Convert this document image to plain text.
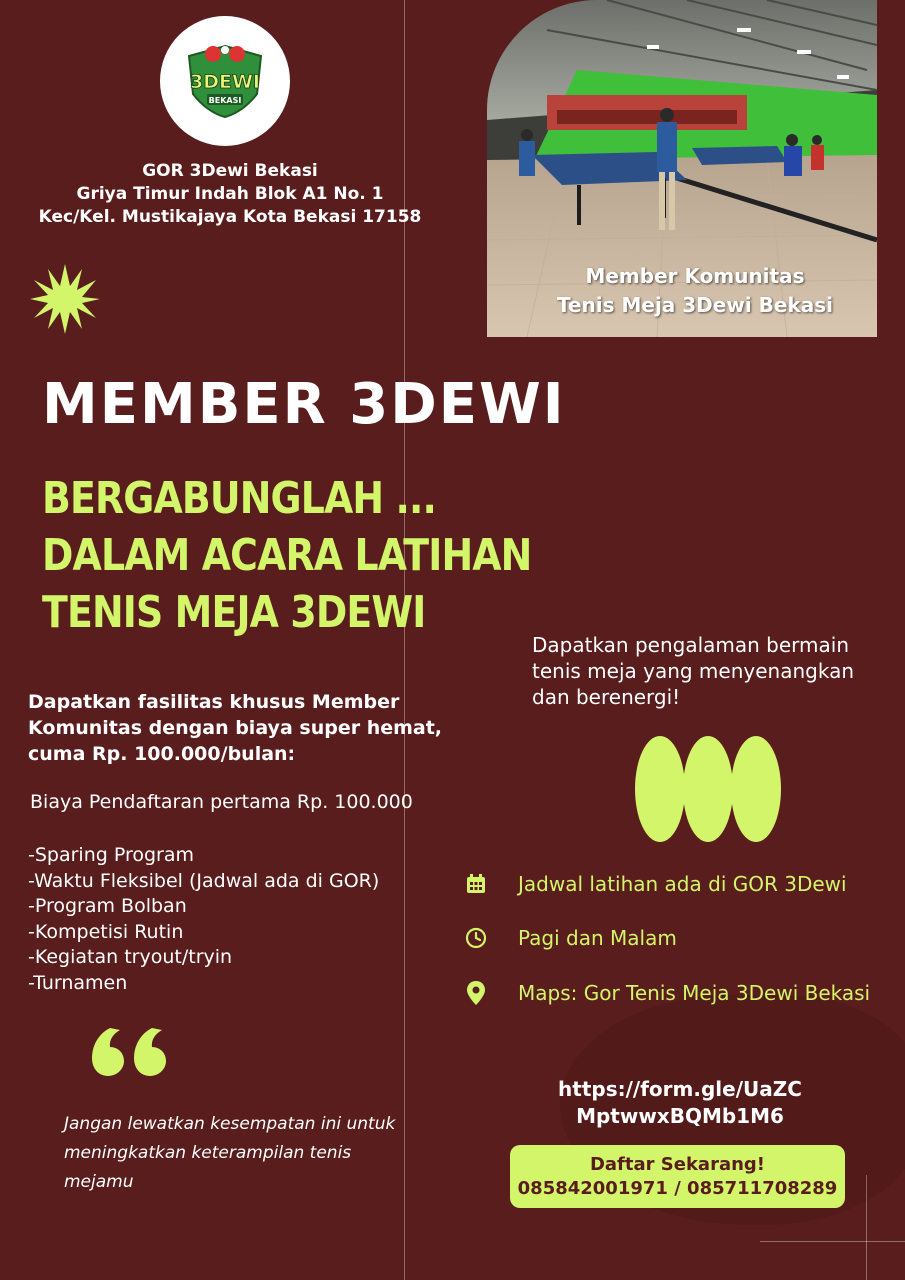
3DEWI
BEKASI
GOR 3Dewi Bekasi
Griya Timur Indah Blok A1 No. 1
Kec/Kel. Mustikajaya Kota Bekasi 17158
Member Komunitas
Tenis Meja 3Dewi Bekasi
MEMBER 3DEWI
BERGABUNGLAH ...
DALAM ACARA LATIHAN
TENIS MEJA 3DEWI
Dapatkan pengalaman bermain tenis meja yang menyenangkan dan berenergi!
Dapatkan fasilitas khusus Member Komunitas dengan biaya super hemat, cuma Rp. 100.000/bulan:
Biaya Pendaftaran pertama Rp. 100.000
-Sparing Program
-Waktu Fleksibel (Jadwal ada di GOR)
-Program Bolban
-Kompetisi Rutin
-Kegiatan tryout/tryin
-Turnamen
Jadwal latihan ada di GOR 3Dewi
Pagi dan Malam
Maps: Gor Tenis Meja 3Dewi Bekasi
Jangan lewatkan kesempatan ini untuk meningkatkan keterampilan tenis mejamu
https://form.gle/UaZC
MptwwxBQMb1M6
Daftar Sekarang!
085842001971 / 085711708289
